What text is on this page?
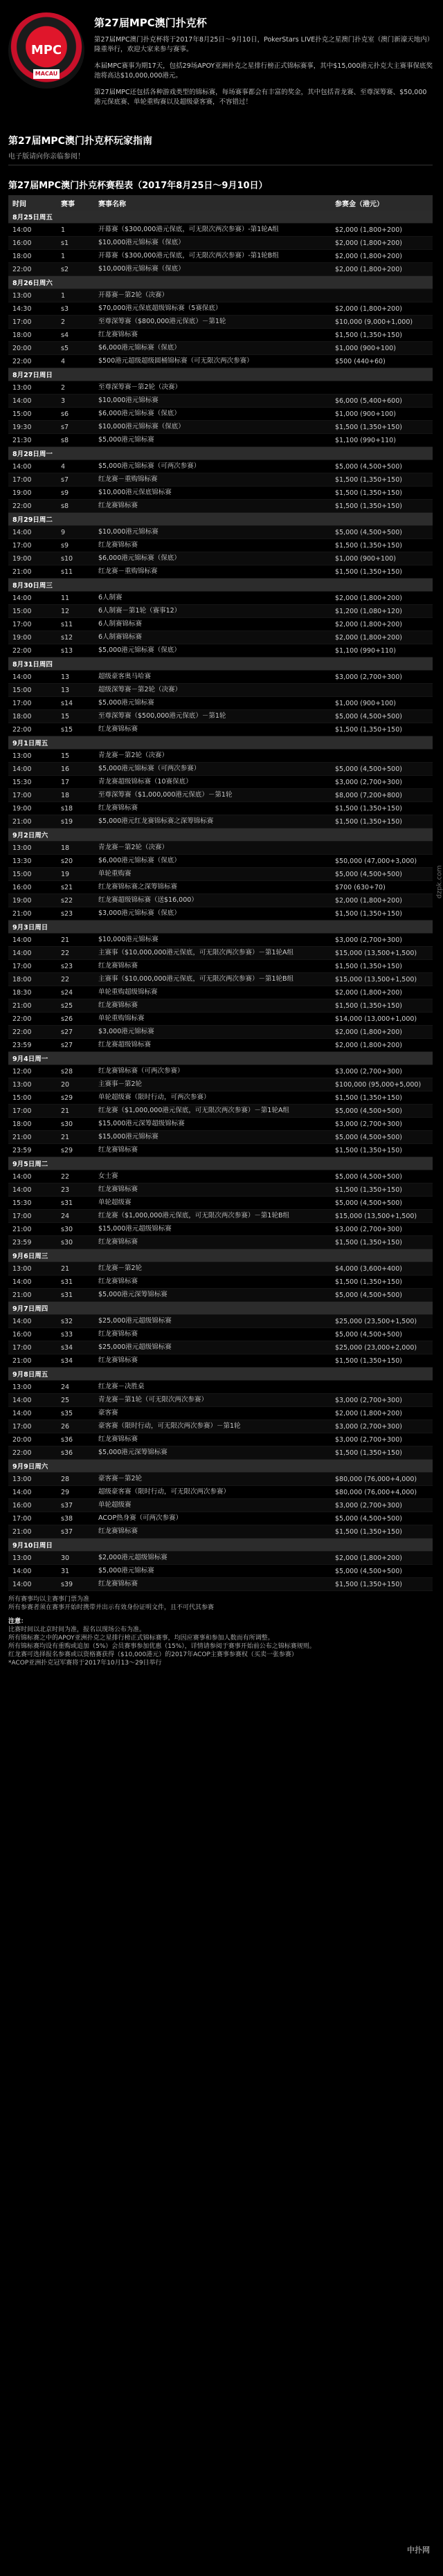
MPC
MACAU
第27届MPC澳门扑克杯

第27届MPC澳门扑克杯将于2017年8月25日～9月10日，PokerStars LIVE扑克之星澳门扑克室（澳门新濠天地内）隆重举行，欢迎大家来参与赛事。

本届MPC赛事为期17天，包括29场APOY亚洲扑克之星排行榜正式锦标赛事，其中$15,000港元扑克大主赛事保底奖池将高达$10,000,000港元。

第27届MPC还包括各种游戏类型的锦标赛，每场赛事都会有丰富的奖金，其中包括青龙赛、至尊深筹赛、$50,000港元保底赛、单轮重购赛以及超级豪客赛，不容错过！

第27届MPC澳门扑克杯玩家指南

电子版请向你亲临参阅！

第27届MPC澳门扑克杯赛程表（2017年8月25日～9月10日）
时间	赛事	赛事名称	参赛金（港元）
8月25日周五			
14:00	1	开幕赛（$300,000港元保底，可无限次两次参赛）-第1轮A组	$2,000 (1,800+200)
16:00	s1	$10,000港元锦标赛（保底）	$2,000 (1,800+200)
18:00	1	开幕赛（$300,000港元保底，可无限次两次参赛）-第1轮B组	$2,000 (1,800+200)
22:00	s2	$10,000港元锦标赛（保底）	$2,000 (1,800+200)
8月26日周六			
13:00	1	开幕赛－第2轮（决赛）	
14:30	s3	$70,000港元保底超级锦标赛（5赛保底）	$2,000 (1,800+200)
17:00	2	至尊深筹赛（$800,000港元保底）－第1轮	$10,000 (9,000+1,000)
18:00	s4	红龙赛锦标赛	$1,500 (1,350+150)
20:00	s5	$6,000港元锦标赛（保底）	$1,000 (900+100)
22:00	4	$500港元超级超级圆桶锦标赛（可无限次两次参赛）	$500 (440+60)
8月27日周日			
13:00	2	至尊深筹赛－第2轮（决赛）	
14:00	3	$10,000港元锦标赛	$6,000 (5,400+600)
15:00	s6	$6,000港元锦标赛（保底）	$1,000 (900+100)
19:30	s7	$10,000港元锦标赛（保底）	$1,500 (1,350+150)
21:30	s8	$5,000港元锦标赛	$1,100 (990+110)
8月28日周一			
14:00	4	$5,000港元锦标赛（可两次参赛）	$5,000 (4,500+500)
17:00	s7	红龙赛－重购锦标赛	$1,500 (1,350+150)
19:00	s9	$10,000港元保底锦标赛	$1,500 (1,350+150)
22:00	s8	红龙赛锦标赛	$1,500 (1,350+150)
8月29日周二			
14:00	9	$10,000港元锦标赛	$5,000 (4,500+500)
17:00	s9	红龙赛锦标赛	$1,500 (1,350+150)
19:00	s10	$6,000港元锦标赛（保底）	$1,000 (900+100)
21:00	s11	红龙赛－重购锦标赛	$1,500 (1,350+150)
8月30日周三			
14:00	11	6人制赛	$2,000 (1,800+200)
15:00	12	6人制赛－第1轮（赛事12）	$1,200 (1,080+120)
17:00	s11	6人制赛锦标赛	$2,000 (1,800+200)
19:00	s12	6人制赛锦标赛	$2,000 (1,800+200)
22:00	s13	$5,000港元锦标赛（保底）	$1,100 (990+110)
8月31日周四			
14:00	13	超级豪客奥马哈赛	$3,000 (2,700+300)
15:00	13	超级深筹赛－第2轮（决赛）	
17:00	s14	$5,000港元锦标赛	$1,000 (900+100)
18:00	15	至尊深筹赛（$500,000港元保底）－第1轮	$5,000 (4,500+500)
22:00	s15	红龙赛锦标赛	$1,500 (1,350+150)
9月1日周五			
13:00	15	青龙赛－第2轮（决赛）	
14:00	16	$5,000港元锦标赛（可两次参赛）	$5,000 (4,500+500)
15:30	17	青龙赛超级锦标赛（10赛保底）	$3,000 (2,700+300)
17:00	18	至尊深筹赛（$1,000,000港元保底）－第1轮	$8,000 (7,200+800)
19:00	s18	红龙赛锦标赛	$1,500 (1,350+150)
21:00	s19	$5,000港元红龙赛锦标赛之深筹锦标赛	$1,500 (1,350+150)
9月2日周六			
13:00	18	青龙赛－第2轮（决赛）	
13:30	s20	$6,000港元锦标赛（保底）	$50,000 (47,000+3,000)
15:00	19	单轮重购赛	$5,000 (4,500+500)
16:00	s21	红龙赛锦标赛之深筹锦标赛	$700 (630+70)
19:00	s22	红龙赛超级锦标赛（送$16,000）	$2,000 (1,800+200)
21:00	s23	$3,000港元锦标赛（保底）	$1,500 (1,350+150)
9月3日周日			
14:00	21	$10,000港元锦标赛	$3,000 (2,700+300)
14:00	22	主赛事（$10,000,000港元保底，可无限次两次参赛）－第1轮A组	$15,000 (13,500+1,500)
17:00	s23	红龙赛锦标赛	$1,500 (1,350+150)
18:00	22	主赛事（$10,000,000港元保底，可无限次两次参赛）－第1轮B组	$15,000 (13,500+1,500)
18:30	s24	单轮重购超级锦标赛	$2,000 (1,800+200)
21:00	s25	红龙赛锦标赛	$1,500 (1,350+150)
22:00	s26	单轮重购锦标赛	$14,000 (13,000+1,000)
22:00	s27	$3,000港元锦标赛	$2,000 (1,800+200)
23:59	s27	红龙赛超级锦标赛	$2,000 (1,800+200)
9月4日周一			
12:00	s28	红龙赛锦标赛（可两次参赛）	$3,000 (2,700+300)
13:00	20	主赛事－第2轮	$100,000 (95,000+5,000)
15:00	s29	单轮超级赛（限时行动，可两次参赛）	$1,500 (1,350+150)
17:00	21	红龙赛（$1,000,000港元保底，可无限次两次参赛）－第1轮A组	$5,000 (4,500+500)
18:00	s30	$15,000港元深筹超级锦标赛	$3,000 (2,700+300)
21:00	21	$15,000港元锦标赛	$5,000 (4,500+500)
23:59	s29	红龙赛锦标赛	$1,500 (1,350+150)
9月5日周二			
14:00	22	女士赛	$5,000 (4,500+500)
14:00	23	红龙赛锦标赛	$1,500 (1,350+150)
15:30	s31	单轮超级赛	$5,000 (4,500+500)
17:00	24	红龙赛（$1,000,000港元保底，可无限次两次参赛）－第1轮B组	$15,000 (13,500+1,500)
21:00	s30	$15,000港元超级锦标赛	$3,000 (2,700+300)
23:59	s30	红龙赛锦标赛	$1,500 (1,350+150)
9月6日周三			
13:00	21	红龙赛－第2轮	$4,000 (3,600+400)
14:00	s31	红龙赛锦标赛	$1,500 (1,350+150)
21:00	s31	$5,000港元深筹锦标赛	$5,000 (4,500+500)
9月7日周四			
14:00	s32	$25,000港元超级锦标赛	$25,000 (23,500+1,500)
16:00	s33	红龙赛锦标赛	$5,000 (4,500+500)
17:00	s34	$25,000港元超级锦标赛	$25,000 (23,000+2,000)
21:00	s34	红龙赛锦标赛	$1,500 (1,350+150)
9月8日周五			
13:00	24	红龙赛－决胜桌	
14:00	25	青龙赛－第1轮（可无限次两次参赛）	$3,000 (2,700+300)
14:00	s35	豪客赛	$2,000 (1,800+200)
17:00	26	豪客赛（限时行动，可无限次两次参赛）－第1轮	$3,000 (2,700+300)
20:00	s36	红龙赛锦标赛	$3,000 (2,700+300)
22:00	s36	$5,000港元深筹锦标赛	$1,500 (1,350+150)
9月9日周六			
13:00	28	豪客赛－第2轮	$80,000 (76,000+4,000)
14:00	29	超级豪客赛（限时行动，可无限次两次参赛）	$80,000 (76,000+4,000)
16:00	s37	单轮超级赛	$3,000 (2,700+300)
17:00	s38	ACOP热身赛（可两次参赛）	$5,000 (4,500+500)
21:00	s37	红龙赛锦标赛	$1,500 (1,350+150)
9月10日周日			
13:00	30	$2,000港元超级锦标赛	$2,000 (1,800+200)
14:00	31	$5,000港元锦标赛	$5,000 (4,500+500)
14:00	s39	红龙赛锦标赛	$1,500 (1,350+150)
所有赛事均以主赛事门票为准
所有参赛者须在赛事开始时携带并出示有效身份证明文件，且不可代其参赛
注意：
比赛时间以北京时间为准，报名以现场公布为准。
所有锦标赛之中的APOY亚洲扑克之星排行榜正式锦标赛事，均因应赛事和参加人数而有所调整。
所有锦标赛均设有重购或追加（5%）会员赛事参加优惠（15%），详情请参阅于赛事开始前公布之锦标赛规则。
红龙赛可选择报名参赛或以资格赛获得（$10,000港元）的2017年ACOP主赛事参赛权（买卖一张参赛）
*ACOP亚洲扑克冠军赛将于2017年10月13～29日举行
中扑网
dzpk.com
